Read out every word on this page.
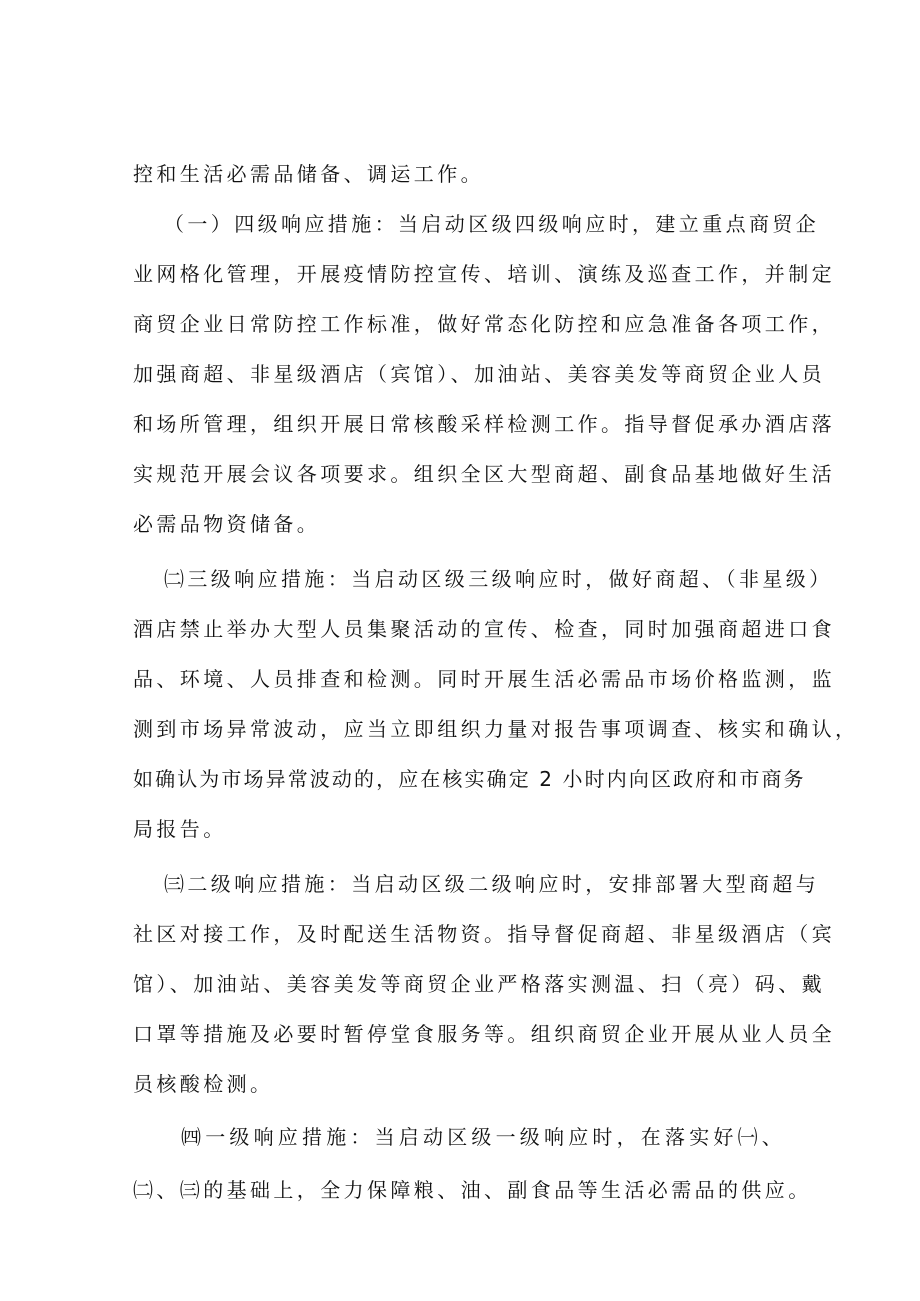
控和生活必需品储备、调运工作。
（一）四级响应措施：当启动区级四级响应时，建立重点商贸企
业网格化管理，开展疫情防控宣传、培训、演练及巡查工作，并制定
商贸企业日常防控工作标准，做好常态化防控和应急准备各项工作，
加强商超、非星级酒店（宾馆）、加油站、美容美发等商贸企业人员
和场所管理，组织开展日常核酸采样检测工作。指导督促承办酒店落
实规范开展会议各项要求。组织全区大型商超、副食品基地做好生活
必需品物资储备。
㈡三级响应措施：当启动区级三级响应时，做好商超、（非星级）
酒店禁止举办大型人员集聚活动的宣传、检查，同时加强商超进口食
品、环境、人员排查和检测。同时开展生活必需品市场价格监测，监
测到市场异常波动，应当立即组织力量对报告事项调查、核实和确认，
如确认为市场异常波动的，应在核实确定 2 小时内向区政府和市商务
局报告。
㈢二级响应措施：当启动区级二级响应时，安排部署大型商超与
社区对接工作，及时配送生活物资。指导督促商超、非星级酒店（宾
馆）、加油站、美容美发等商贸企业严格落实测温、扫（亮）码、戴
口罩等措施及必要时暂停堂食服务等。组织商贸企业开展从业人员全
员核酸检测。
㈣一级响应措施：当启动区级一级响应时，在落实好㈠、
㈡、㈢的基础上，全力保障粮、油、副食品等生活必需品的供应。
